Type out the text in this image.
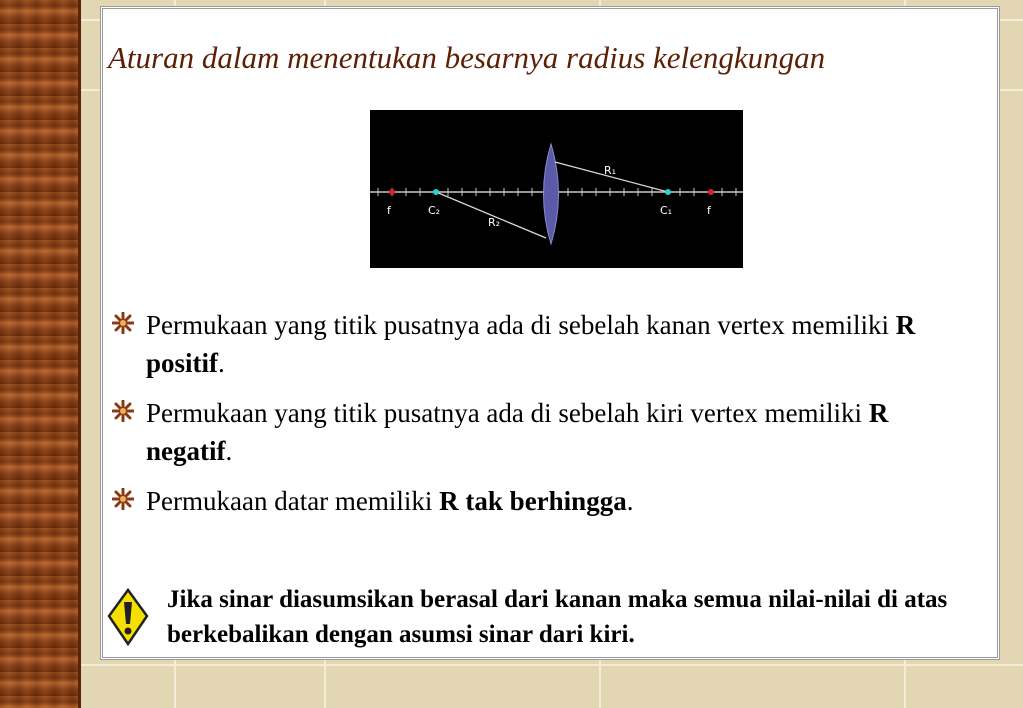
Aturan dalam menentukan besarnya radius kelengkungan
f	C₂
R₂
R₁
C₁	f
Permukaan yang titik pusatnya ada di sebelah kanan vertex memiliki R positif.
Permukaan yang titik pusatnya ada di sebelah kiri vertex memiliki R negatif.
Permukaan datar memiliki R tak berhingga.

Jika sinar diasumsikan berasal dari kanan maka semua nilai-nilai di atas berkebalikan dengan asumsi sinar dari kiri.
